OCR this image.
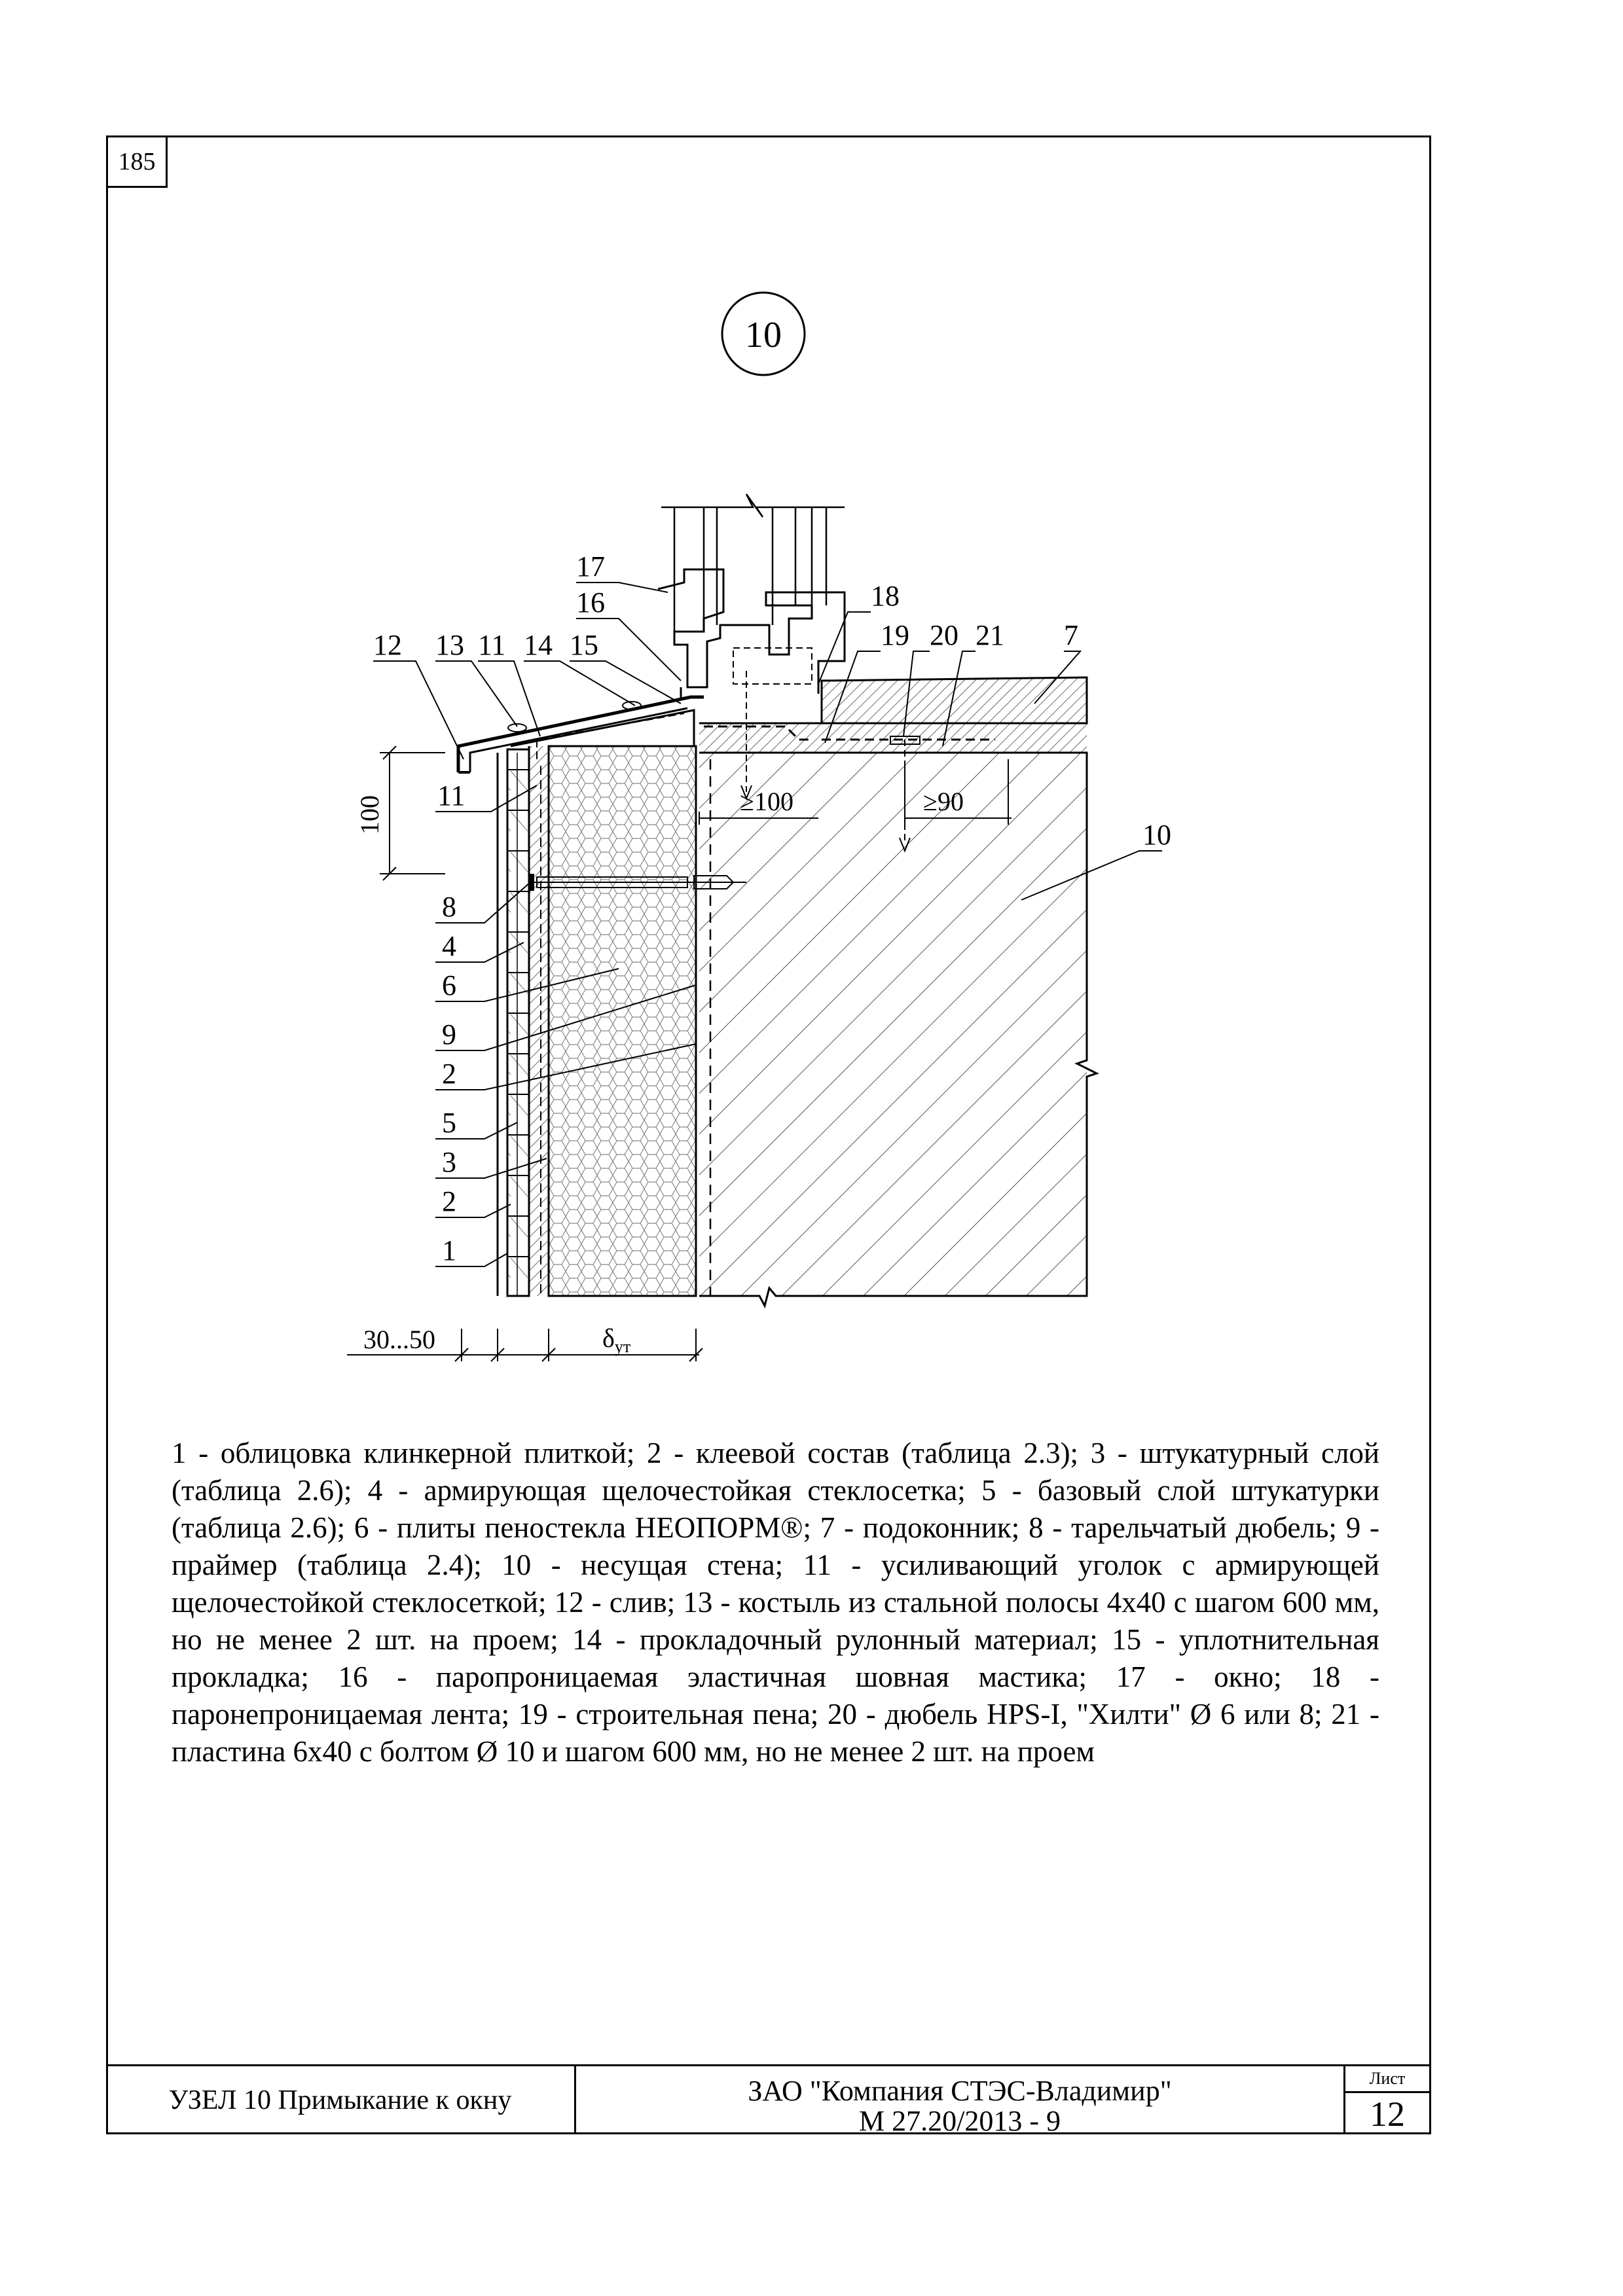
185
10
17
16	18
12 13 11 14 15	19 20 21 7
11
10
8
4
6
9
2
5
3
2
1
100	≥100	≥90
30...50	$\delta_{ут}$
1 - облицовка клинкерной плиткой; 2 - клеевой состав (таблица 2.3); 3 - штукатурный слой (таблица 2.6); 4 - армирующая щелочестойкая стеклосетка; 5 - базовый слой штукатурки (таблица 2.6); 6 - плиты пеностекла НЕОПОРМ®; 7 - подоконник; 8 - тарельчатый дюбель; 9 - праймер (таблица 2.4); 10 - несущая стена; 11 - усиливающий уголок с армирующей щелочестойкой стеклосеткой; 12 - слив; 13 - костыль из стальной полосы 4х40 с шагом 600 мм, но не менее 2 шт. на проем; 14 - прокладочный рулонный материал; 15 - уплотнительная прокладка; 16 - паропроницаемая эластичная шовная мастика; 17 - окно; 18 - паронепроницаемая лента; 19 - строительная пена; 20 - дюбель HPS-I, "Хилти" Ø 6 или 8; 21 - пластина 6х40 с болтом Ø 10 и шагом 600 мм, но не менее 2 шт. на проем
УЗЕЛ 10 Примыкание к окну	ЗАО "Компания СТЭС-Владимир"
М 27.20/2013 - 9
Лист
12
